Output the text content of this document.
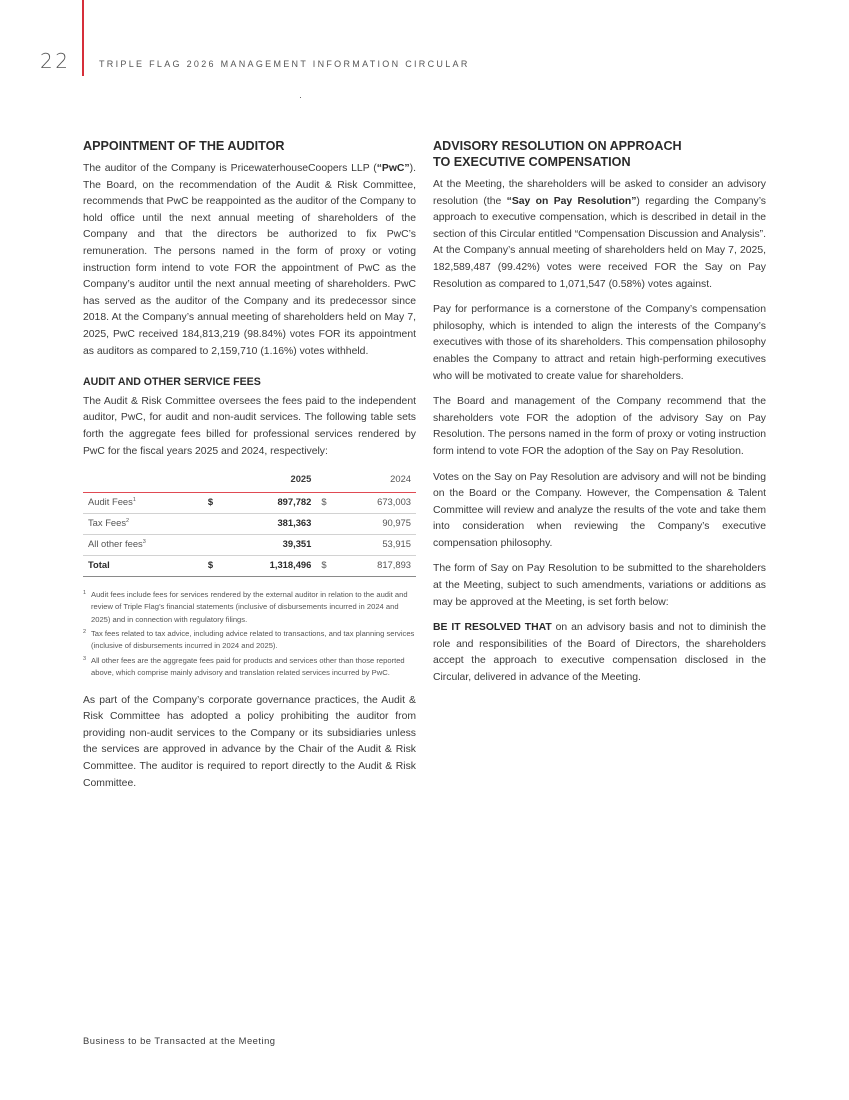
22	TRIPLE FLAG 2026 MANAGEMENT INFORMATION CIRCULAR
APPOINTMENT OF THE AUDITOR

The auditor of the Company is PricewaterhouseCoopers LLP (“PwC”). The Board, on the recommendation of the Audit & Risk Committee, recommends that PwC be reappointed as the auditor of the Company to hold office until the next annual meeting of shareholders of the Company and that the directors be authorized to fix PwC’s remuneration. The persons named in the form of proxy or voting instruction form intend to vote FOR the appointment of PwC as the Company’s auditor until the next annual meeting of shareholders. PwC has served as the auditor of the Company and its predecessor since 2018. At the Company’s annual meeting of shareholders held on May 7, 2025, PwC received 184,813,219 (98.84%) votes FOR its appointment as auditors as compared to 2,159,710 (1.16%) votes withheld.

AUDIT AND OTHER SERVICE FEES

The Audit & Risk Committee oversees the fees paid to the independent auditor, PwC, for audit and non-audit services. The following table sets forth the aggregate fees billed for professional services rendered by PwC for the fiscal years 2025 and 2024, respectively:

		2025		2024
Audit Fees$^1$	$	897,782	$	673,003
Tax Fees$^2$		381,363		90,975
All other fees$^3$		39,351		53,915
Total	$	1,318,496	$	817,893
1 Audit fees include fees for services rendered by the external auditor in relation to the audit and review of Triple Flag’s financial statements (inclusive of disbursements incurred in 2024 and 2025) and in connection with regulatory filings.
2 Tax fees related to tax advice, including advice related to transactions, and tax planning services (inclusive of disbursements incurred in 2024 and 2025).
3 All other fees are the aggregate fees paid for products and services other than those reported above, which comprise mainly advisory and translation related services incurred by PwC.

As part of the Company’s corporate governance practices, the Audit & Risk Committee has adopted a policy prohibiting the auditor from providing non-audit services to the Company or its subsidiaries unless the services are approved in advance by the Chair of the Audit & Risk Committee. The auditor is required to report directly to the Audit & Risk Committee.

ADVISORY RESOLUTION ON APPROACH
TO EXECUTIVE COMPENSATION

At the Meeting, the shareholders will be asked to consider an advisory resolution (the “Say on Pay Resolution”) regarding the Company’s approach to executive compensation, which is described in detail in the section of this Circular entitled “Compensation Discussion and Analysis”. At the Company’s annual meeting of shareholders held on May 7, 2025, 182,589,487 (99.42%) votes were received FOR the Say on Pay Resolution as compared to 1,071,547 (0.58%) votes against.

Pay for performance is a cornerstone of the Company’s compensation philosophy, which is intended to align the interests of the Company’s executives with those of its shareholders. This compensation philosophy enables the Company to attract and retain high-performing executives who will be motivated to create value for shareholders.

The Board and management of the Company recommend that the shareholders vote FOR the adoption of the advisory Say on Pay Resolution. The persons named in the form of proxy or voting instruction form intend to vote FOR the adoption of the Say on Pay Resolution.

Votes on the Say on Pay Resolution are advisory and will not be binding on the Board or the Company. However, the Compensation & Talent Committee will review and analyze the results of the vote and take them into consideration when reviewing the Company’s executive compensation philosophy.

The form of Say on Pay Resolution to be submitted to the shareholders at the Meeting, subject to such amendments, variations or additions as may be approved at the Meeting, is set forth below:

BE IT RESOLVED THAT on an advisory basis and not to diminish the role and responsibilities of the Board of Directors, the shareholders accept the approach to executive compensation disclosed in the Circular, delivered in advance of the Meeting.

Business to be Transacted at the Meeting
